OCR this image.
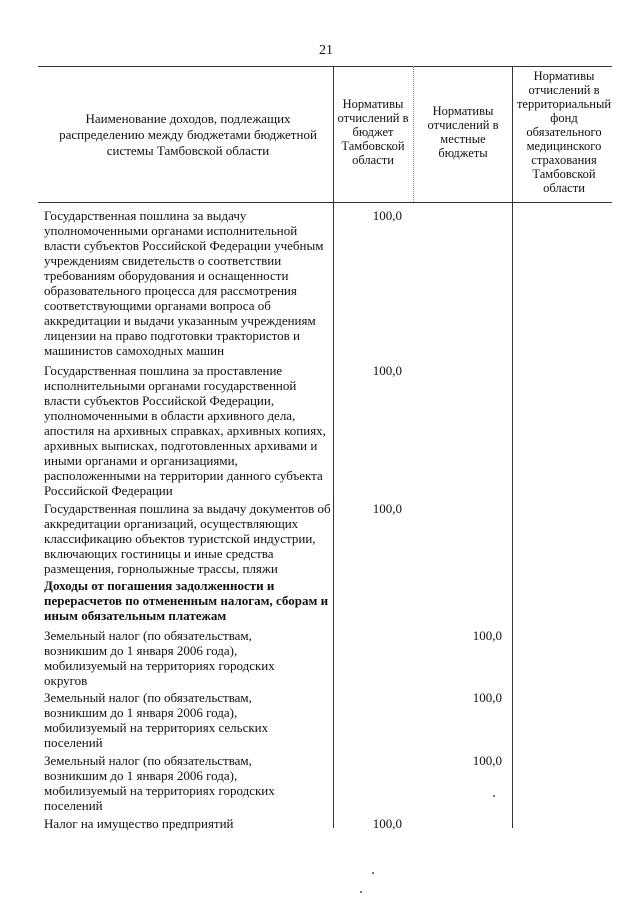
21
Наименование доходов, подлежащих распределению между бюджетами бюджетной системы Тамбовской области
Нормативы отчислений в бюджет Тамбовской области
Нормативы отчислений в местные бюджеты
Нормативы отчислений в территориальный фонд обязательного медицинского страхования Тамбовской области
Государственная пошлина за выдачу уполномоченными органами исполнительной власти субъектов Российской Федерации учебным учреждениям свидетельств о соответствии требованиям оборудования и оснащенности образовательного процесса для рассмотрения соответствующими органами вопроса об аккредитации и выдачи указанным учреждениям лицензии на право подготовки трактористов и машинистов самоходных машин
100,0
Государственная пошлина за проставление исполнительными органами государственной власти субъектов Российской Федерации, уполномоченными в области архивного дела, апостиля на архивных справках, архивных копиях, архивных выписках, подготовленных архивами и иными органами и организациями, расположенными на территории данного субъекта Российской Федерации
100,0
Государственная пошлина за выдачу документов об аккредитации организаций, осуществляющих классификацию объектов туристской индустрии, включающих гостиницы и иные средства размещения, горнолыжные трассы, пляжи
100,0
Доходы от погашения задолженности и перерасчетов по отмененным налогам, сборам и иным обязательным платежам
Земельный налог (по обязательствам, возникшим до 1 января 2006 года), мобилизуемый на территориях городских округов
100,0
Земельный налог (по обязательствам, возникшим до 1 января 2006 года), мобилизуемый на территориях сельских поселений
100,0
Земельный налог (по обязательствам, возникшим до 1 января 2006 года), мобилизуемый на территориях городских поселений
100,0
Налог на имущество предприятий	100,0
